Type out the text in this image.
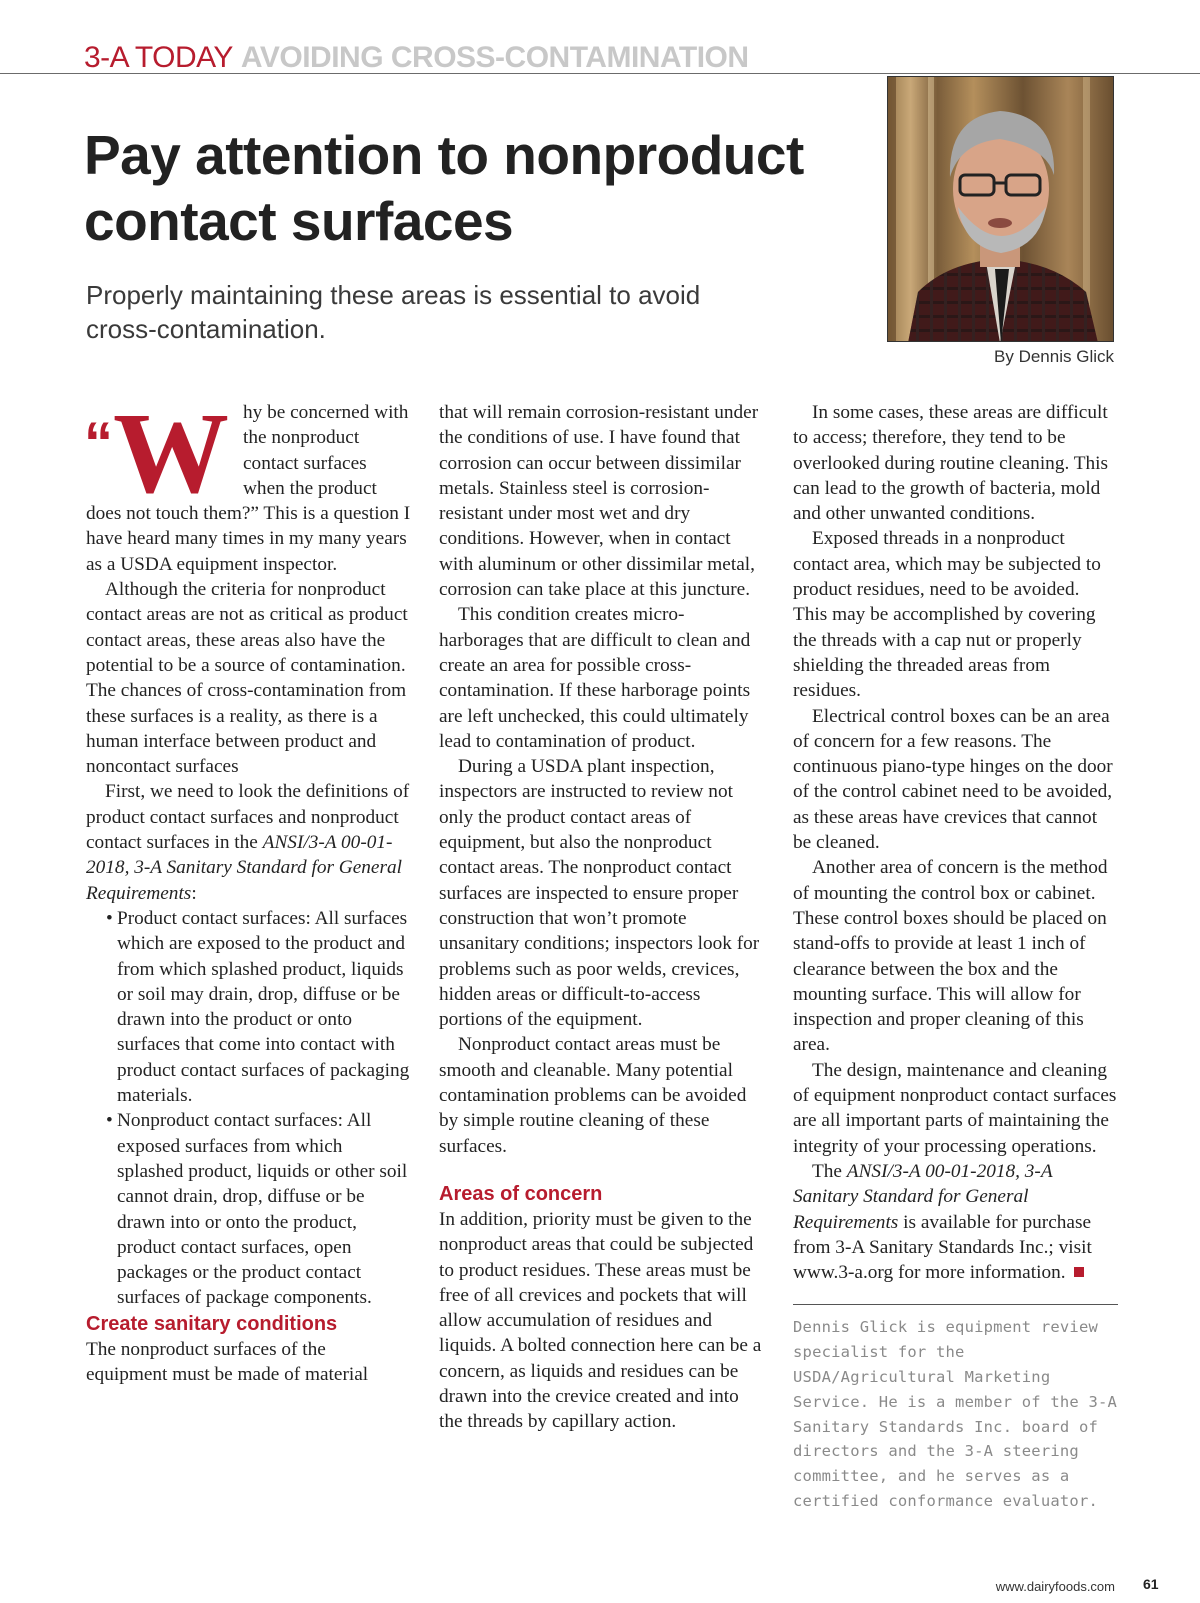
3-A TODAY AVOIDING CROSS-CONTAMINATION
Pay attention to nonproduct contact surfaces

Properly maintaining these areas is essential to avoid cross-contamination.

By Dennis Glick

“W hy be concerned with the nonproduct contact surfaces when the product does not touch them?” This is a question I have heard many times in my many years as a USDA equipment inspector.

Although the criteria for nonproduct contact areas are not as critical as product contact areas, these areas also have the potential to be a source of contamination. The chances of cross-contamination from these surfaces is a reality, as there is a human interface between product and noncontact surfaces

First, we need to look the definitions of product contact surfaces and nonproduct contact surfaces in the ANSI/3-A 00-01-2018, 3-A Sanitary Standard for General Requirements:

• Product contact surfaces: All surfaces which are exposed to the product and from which splashed product, liquids or soil may drain, drop, diffuse or be drawn into the product or onto surfaces that come into contact with product contact surfaces of packaging materials.
• Nonproduct contact surfaces: All exposed surfaces from which splashed product, liquids or other soil cannot drain, drop, diffuse or be drawn into or onto the product, product contact surfaces, open packages or the product contact surfaces of package components.

Create sanitary conditions

The nonproduct surfaces of the equipment must be made of material

that will remain corrosion-resistant under the conditions of use. I have found that corrosion can occur between dissimilar metals. Stainless steel is corrosion-resistant under most wet and dry conditions. However, when in contact with aluminum or other dissimilar metal, corrosion can take place at this juncture.

This condition creates micro-harborages that are difficult to clean and create an area for possible cross-contamination. If these harborage points are left unchecked, this could ultimately lead to contamination of product.

During a USDA plant inspection, inspectors are instructed to review not only the product contact areas of equipment, but also the nonproduct contact areas. The nonproduct contact surfaces are inspected to ensure proper construction that won’t promote unsanitary conditions; inspectors look for problems such as poor welds, crevices, hidden areas or difficult-to-access portions of the equipment.

Nonproduct contact areas must be smooth and cleanable. Many potential contamination problems can be avoided by simple routine cleaning of these surfaces.

Areas of concern

In addition, priority must be given to the nonproduct areas that could be subjected to product residues. These areas must be free of all crevices and pockets that will allow accumulation of residues and liquids. A bolted connection here can be a concern, as liquids and residues can be drawn into the crevice created and into the threads by capillary action.

In some cases, these areas are difficult to access; therefore, they tend to be overlooked during routine cleaning. This can lead to the growth of bacteria, mold and other unwanted conditions.

Exposed threads in a nonproduct contact area, which may be subjected to product residues, need to be avoided. This may be accomplished by covering the threads with a cap nut or properly shielding the threaded areas from residues.

Electrical control boxes can be an area of concern for a few reasons. The continuous piano-type hinges on the door of the control cabinet need to be avoided, as these areas have crevices that cannot be cleaned.

Another area of concern is the method of mounting the control box or cabinet. These control boxes should be placed on stand-offs to provide at least 1 inch of clearance between the box and the mounting surface. This will allow for inspection and proper cleaning of this area.

The design, maintenance and cleaning of equipment nonproduct contact surfaces are all important parts of maintaining the integrity of your processing operations.

The ANSI/3-A 00-01-2018, 3-A Sanitary Standard for General Requirements is available for purchase from 3-A Sanitary Standards Inc.; visit www.3-a.org for more information.

Dennis Glick is equipment review specialist for the USDA/Agricultural Marketing Service. He is a member of the 3-A Sanitary Standards Inc. board of directors and the 3-A steering committee, and he serves as a certified conformance evaluator.

www.dairyfoods.com 61
